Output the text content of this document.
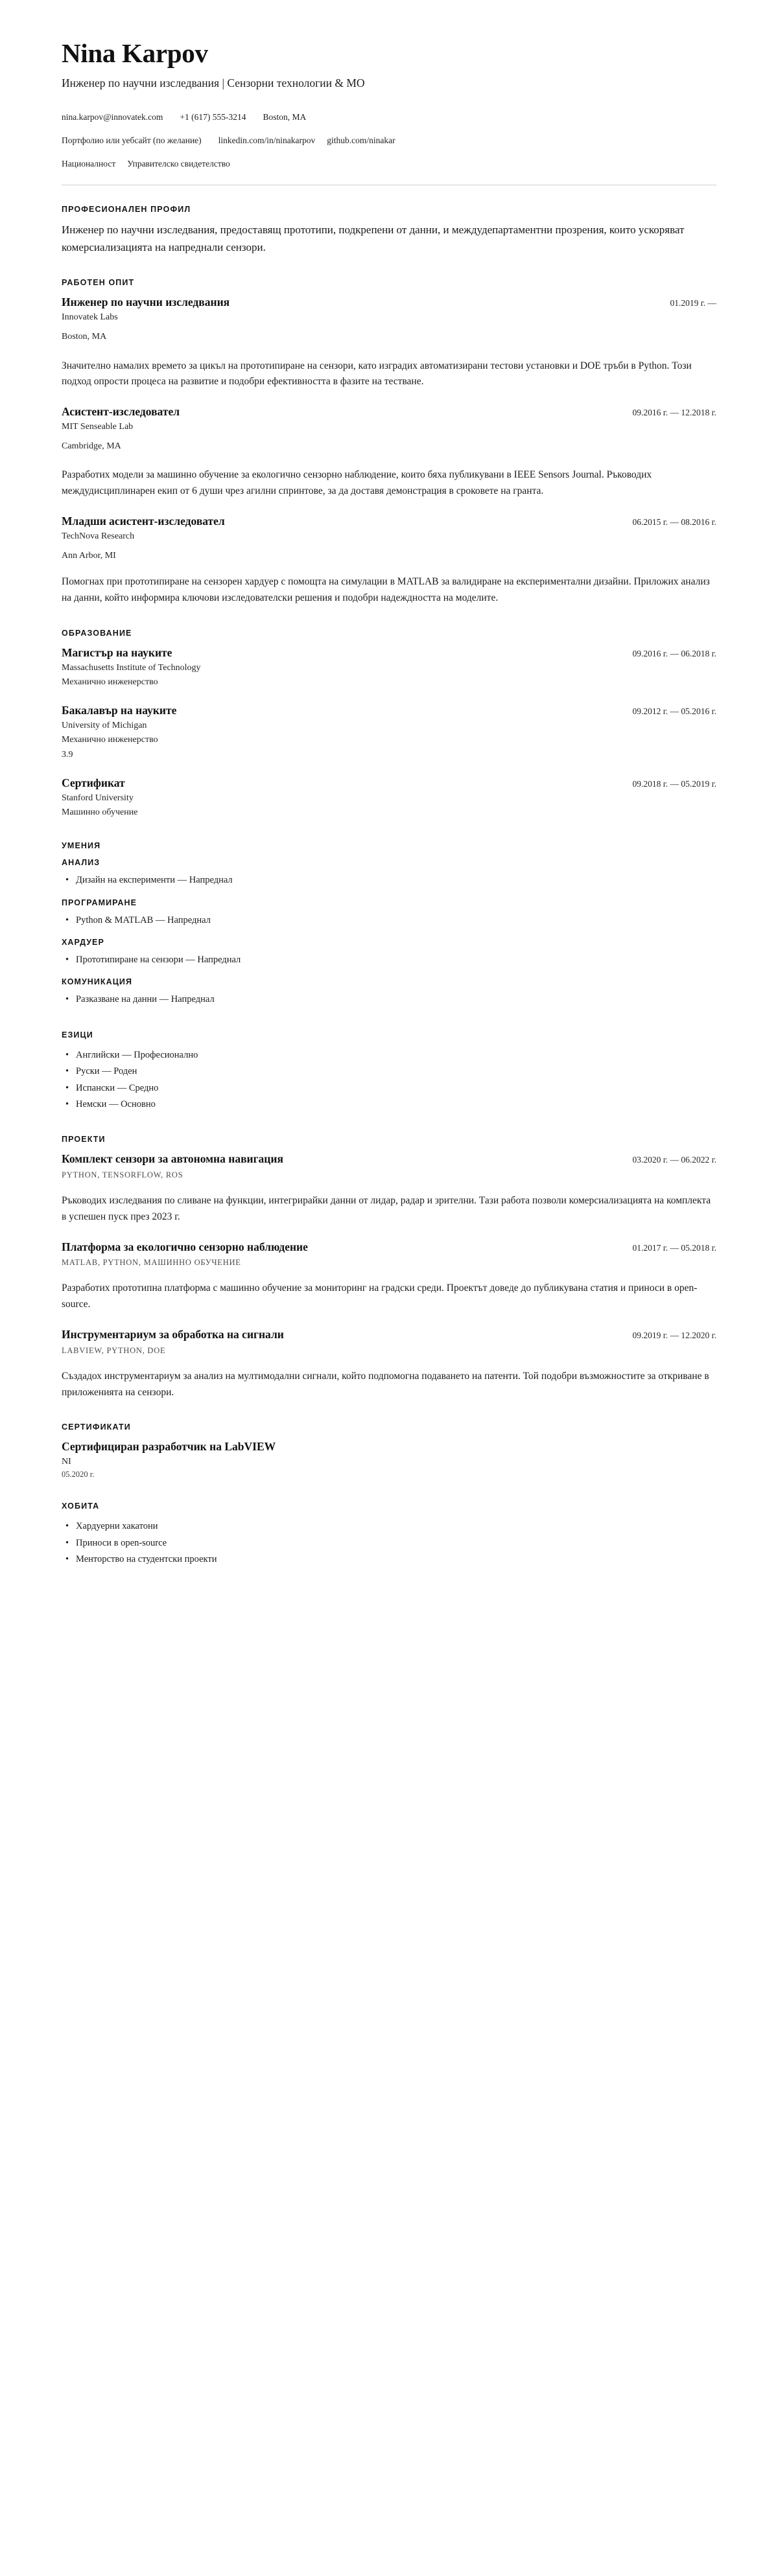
Nina Karpov
Инженер по научни изследвания | Сензорни технологии & МО
nina.karpov@innovatek.com +1 (617) 555-3214 Boston, MA
Портфолио или уебсайт (по желание) linkedin.com/in/ninakarpov github.com/ninakar
Националност Управителско свидетелство
ПРОФЕСИОНАЛЕН ПРОФИЛ

Инженер по научни изследвания, предоставящ прототипи, подкрепени от данни, и междудепартаментни прозрения, които ускоряват комерсиализацията на напреднали сензори.

РАБОТЕН ОПИТ
Инженер по научни изследвания	01.2019 г. —
Innovatek Labs
Boston, MA
Значително намалих времето за цикъл на прототипиране на сензори, като изградих автоматизирани тестови установки и DOE тръби в Python. Този подход опрости процеса на развитие и подобри ефективността в фазите на тестване.
Асистент-изследовател	09.2016 г. — 12.2018 г.
MIT Senseable Lab
Cambridge, MA
Разработих модели за машинно обучение за екологично сензорно наблюдение, които бяха публикувани в IEEE Sensors Journal. Ръководих междудисциплинарен екип от 6 души чрез агилни спринтове, за да доставя демонстрация в сроковете на гранта.
Младши асистент-изследовател	06.2015 г. — 08.2016 г.
TechNova Research
Ann Arbor, MI
Помогнах при прототипиране на сензорен хардуер с помощта на симулации в MATLAB за валидиране на експериментални дизайни. Приложих анализ на данни, който информира ключови изследователски решения и подобри надеждността на моделите.
ОБРАЗОВАНИЕ
Магистър на науките	09.2016 г. — 06.2018 г.
Massachusetts Institute of Technology
Механично инженерство
Бакалавър на науките	09.2012 г. — 05.2016 г.
University of Michigan
Механично инженерство
3.9
Сертификат	09.2018 г. — 05.2019 г.
Stanford University
Машинно обучение
УМЕНИЯ
АНАЛИЗ
• Дизайн на експерименти — Напреднал
ПРОГРАМИРАНЕ
• Python & MATLAB — Напреднал
ХАРДУЕР
• Прототипиране на сензори — Напреднал
КОМУНИКАЦИЯ
• Разказване на данни — Напреднал
ЕЗИЦИ
• Английски — Професионално
• Руски — Роден
• Испански — Средно
• Немски — Основно
ПРОЕКТИ
Комплект сензори за автономна навигация	03.2020 г. — 06.2022 г.
PYTHON, TENSORFLOW, ROS
Ръководих изследвания по сливане на функции, интегрирайки данни от лидар, радар и зрителни. Тази работа позволи комерсиализацията на комплекта в успешен пуск през 2023 г.
Платформа за екологично сензорно наблюдение	01.2017 г. — 05.2018 г.
MATLAB, PYTHON, МАШИННО ОБУЧЕНИЕ
Разработих прототипна платформа с машинно обучение за мониторинг на градски среди. Проектът доведе до публикувана статия и приноси в open-source.
Инструментариум за обработка на сигнали	09.2019 г. — 12.2020 г.
LABVIEW, PYTHON, DOE
Създадох инструментариум за анализ на мултимодални сигнали, който подпомогна подаването на патенти. Той подобри възможностите за откриване в приложенията на сензори.
СЕРТИФИКАТИ
Сертифициран разработчик на LabVIEW
NI
05.2020 г.
ХОБИТА
• Хардуерни хакатони
• Приноси в open-source
• Менторство на студентски проекти
